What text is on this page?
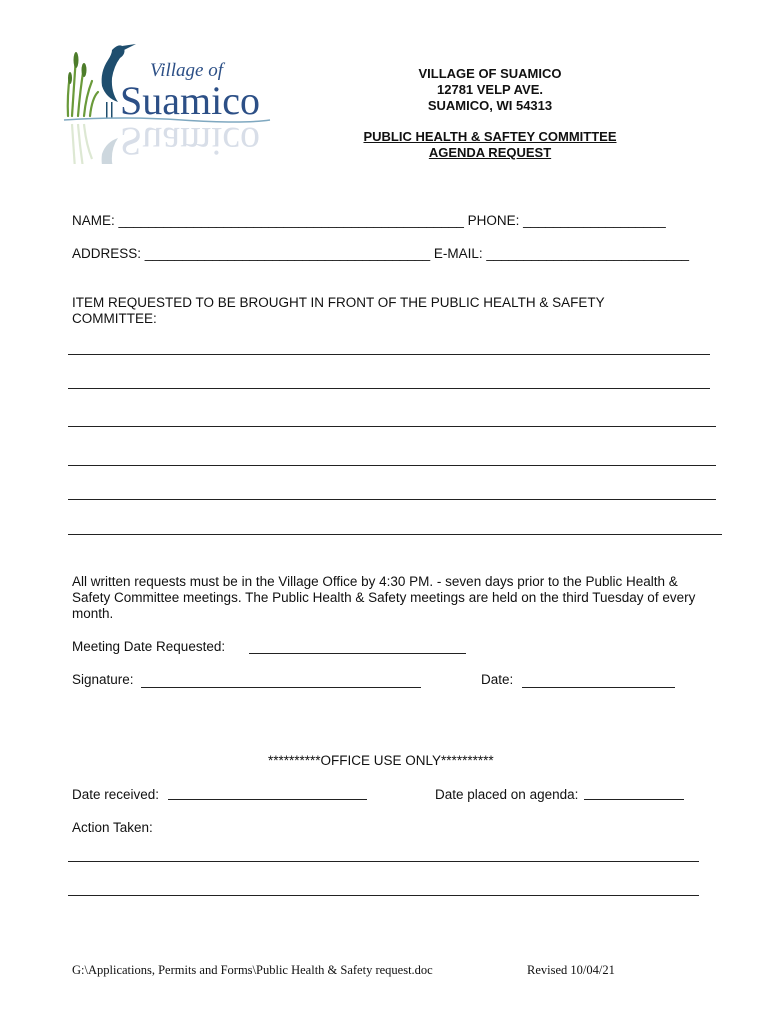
Village of
Suamico
Suamico
VILLAGE OF SUAMICO
12781 VELP AVE.
SUAMICO, WI 54313
PUBLIC HEALTH & SAFTEY COMMITTEE
AGENDA REQUEST
NAME: ______________________________________________ PHONE: ___________________
ADDRESS: ______________________________________ E-MAIL: ___________________________
ITEM REQUESTED TO BE BROUGHT IN FRONT OF THE PUBLIC HEALTH & SAFETY COMMITTEE:
All written requests must be in the Village Office by 4:30 PM. - seven days prior to the Public Health & Safety Committee meetings. The Public Health & Safety meetings are held on the third Tuesday of every month.
Meeting Date Requested:
Signature:	Date:
**********OFFICE USE ONLY**********
Date received:	Date placed on agenda:
Action Taken:
G:\Applications, Permits and Forms\Public Health & Safety request.doc	Revised 10/04/21
